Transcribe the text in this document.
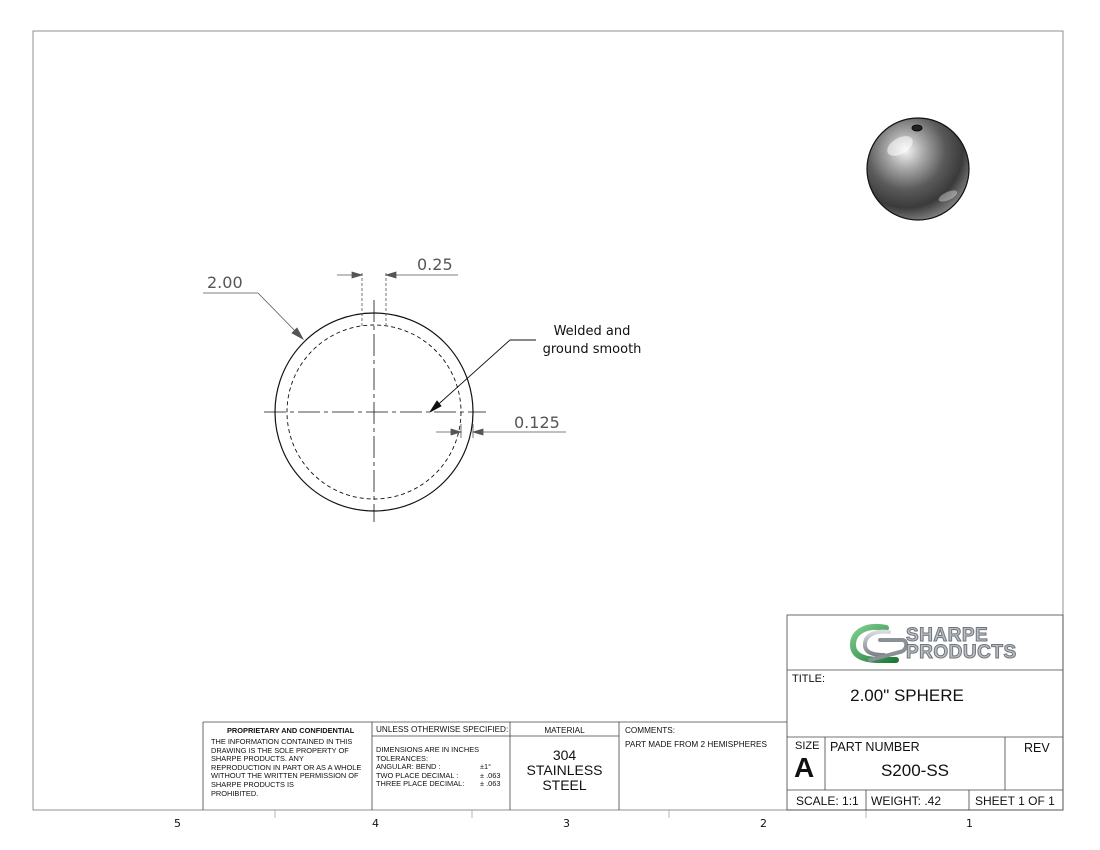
2.00
0.25
0.125
Welded and
ground smooth
SHARPE
PRODUCTS
PROPRIETARY AND CONFIDENTIAL
THE INFORMATION CONTAINED IN THIS
DRAWING IS THE SOLE PROPERTY OF
SHARPE PRODUCTS. ANY
REPRODUCTION IN PART OR AS A WHOLE
WITHOUT THE WRITTEN PERMISSION OF
SHARPE PRODUCTS IS
PROHIBITED.
UNLESS OTHERWISE SPECIFIED:
DIMENSIONS ARE IN INCHES
TOLERANCES:
ANGULAR: BEND :	±1°
TWO PLACE DECIMAL :	± .063
THREE PLACE DECIMAL: ± .063
MATERIAL
304
STAINLESS
STEEL
COMMENTS:
PART MADE FROM 2 HEMISPHERES
TITLE:
2.00" SPHERE
SIZE
A
PART NUMBER
S200-SS
REV
SCALE: 1:1 WEIGHT: .42	SHEET 1 OF 1
5	4	3	2	1
